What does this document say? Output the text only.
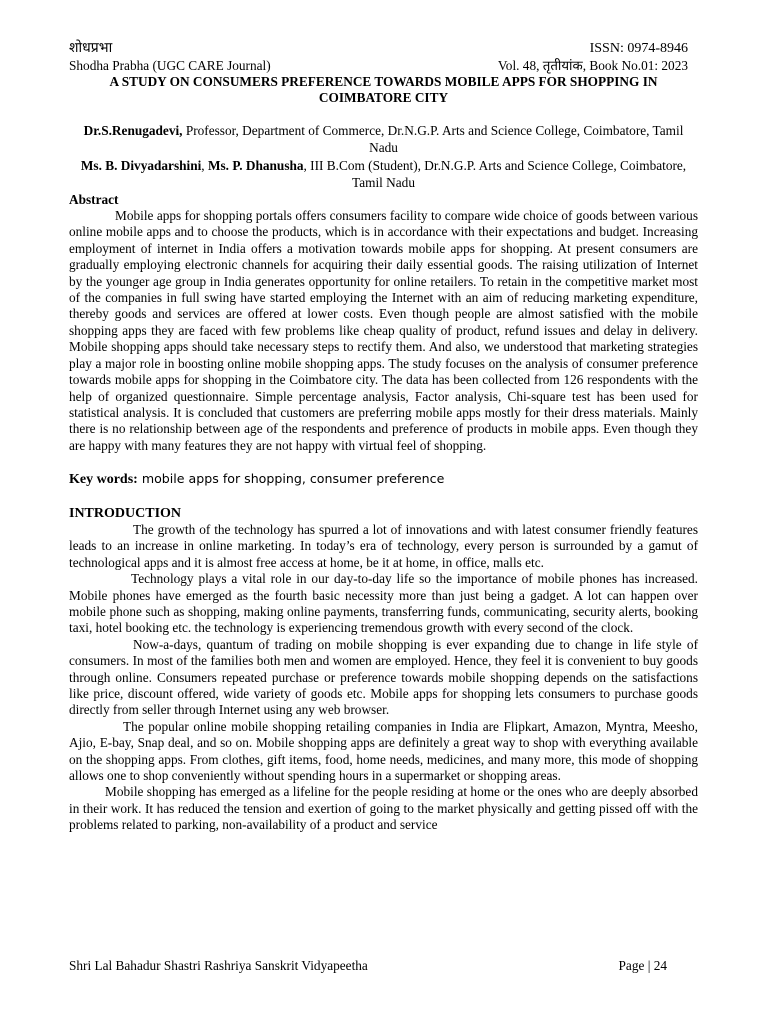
शोधप्रभा	ISSN: 0974-8946
Shodha Prabha (UGC CARE Journal)	Vol. 48, तृतीयांक, Book No.01: 2023
A STUDY ON CONSUMERS PREFERENCE TOWARDS MOBILE APPS FOR SHOPPING IN COIMBATORE CITY
Dr.S.Renugadevi, Professor, Department of Commerce, Dr.N.G.P. Arts and Science College, Coimbatore, Tamil Nadu
Ms. B. Divyadarshini, Ms. P. Dhanusha, III B.Com (Student), Dr.N.G.P. Arts and Science College, Coimbatore, Tamil Nadu
Abstract

Mobile apps for shopping portals offers consumers facility to compare wide choice of goods between various online mobile apps and to choose the products, which is in accordance with their expectations and budget. Increasing employment of internet in India offers a motivation towards mobile apps for shopping. At present consumers are gradually employing electronic channels for acquiring their daily essential goods. The raising utilization of Internet by the younger age group in India generates opportunity for online retailers. To retain in the competitive market most of the companies in full swing have started employing the Internet with an aim of reducing marketing expenditure, thereby goods and services are offered at lower costs. Even though people are almost satisfied with the mobile shopping apps they are faced with few problems like cheap quality of product, refund issues and delay in delivery. Mobile shopping apps should take necessary steps to rectify them. And also, we understood that marketing strategies play a major role in boosting online mobile shopping apps. The study focuses on the analysis of consumer preference towards mobile apps for shopping in the Coimbatore city. The data has been collected from 126 respondents with the help of organized questionnaire. Simple percentage analysis, Factor analysis, Chi-square test has been used for statistical analysis. It is concluded that customers are preferring mobile apps mostly for their dress materials. Mainly there is no relationship between age of the respondents and preference of products in mobile apps. Even though they are happy with many features they are not happy with virtual feel of shopping.

Key words: mobile apps for shopping, consumer preference
INTRODUCTION

The growth of the technology has spurred a lot of innovations and with latest consumer friendly features leads to an increase in online marketing. In today’s era of technology, every person is surrounded by a gamut of technological apps and it is almost free access at home, be it at home, in office, malls etc.

Technology plays a vital role in our day-to-day life so the importance of mobile phones has increased. Mobile phones have emerged as the fourth basic necessity more than just being a gadget. A lot can happen over mobile phone such as shopping, making online payments, transferring funds, communicating, security alerts, booking taxi, hotel booking etc. the technology is experiencing tremendous growth with every second of the clock.

Now-a-days, quantum of trading on mobile shopping is ever expanding due to change in life style of consumers. In most of the families both men and women are employed. Hence, they feel it is convenient to buy goods through online. Consumers repeated purchase or preference towards mobile shopping depends on the satisfactions like price, discount offered, wide variety of goods etc. Mobile apps for shopping lets consumers to purchase goods directly from seller through Internet using any web browser.

The popular online mobile shopping retailing companies in India are Flipkart, Amazon, Myntra, Meesho, Ajio, E-bay, Snap deal, and so on. Mobile shopping apps are definitely a great way to shop with everything available on the shopping apps. From clothes, gift items, food, home needs, medicines, and many more, this mode of shopping allows one to shop conveniently without spending hours in a supermarket or shopping areas.

Mobile shopping has emerged as a lifeline for the people residing at home or the ones who are deeply absorbed in their work. It has reduced the tension and exertion of going to the market physically and getting pissed off with the problems related to parking, non-availability of a product and service

Shri Lal Bahadur Shastri Rashriya Sanskrit Vidyapeetha	Page | 24
